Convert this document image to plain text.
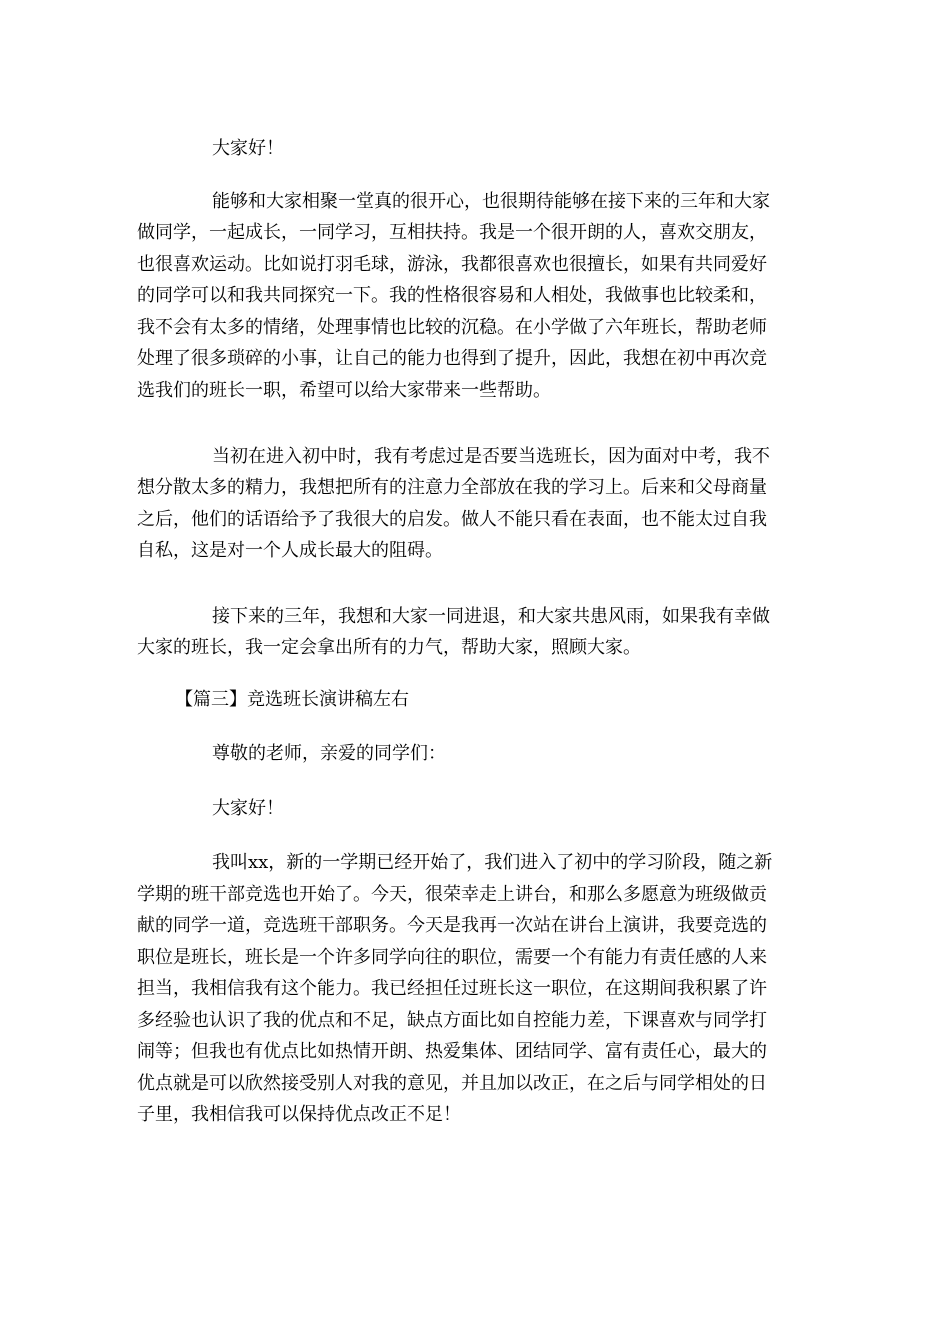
大家好！
能够和大家相聚一堂真的很开心，也很期待能够在接下来的三年和大家
做同学，一起成长，一同学习，互相扶持。我是一个很开朗的人，喜欢交朋友，
也很喜欢运动。比如说打羽毛球，游泳，我都很喜欢也很擅长，如果有共同爱好
的同学可以和我共同探究一下。我的性格很容易和人相处，我做事也比较柔和，
我不会有太多的情绪，处理事情也比较的沉稳。在小学做了六年班长，帮助老师
处理了很多琐碎的小事，让自己的能力也得到了提升，因此，我想在初中再次竞
选我们的班长一职，希望可以给大家带来一些帮助。
当初在进入初中时，我有考虑过是否要当选班长，因为面对中考，我不
想分散太多的精力，我想把所有的注意力全部放在我的学习上。后来和父母商量
之后，他们的话语给予了我很大的启发。做人不能只看在表面，也不能太过自我
自私，这是对一个人成长最大的阻碍。
接下来的三年，我想和大家一同进退，和大家共患风雨，如果我有幸做
大家的班长，我一定会拿出所有的力气，帮助大家，照顾大家。
【篇三】竞选班长演讲稿左右
尊敬的老师，亲爱的同学们：
大家好！
我叫xx，新的一学期已经开始了，我们进入了初中的学习阶段，随之新
学期的班干部竞选也开始了。今天，很荣幸走上讲台，和那么多愿意为班级做贡
献的同学一道，竞选班干部职务。今天是我再一次站在讲台上演讲，我要竞选的
职位是班长，班长是一个许多同学向往的职位，需要一个有能力有责任感的人来
担当，我相信我有这个能力。我已经担任过班长这一职位，在这期间我积累了许
多经验也认识了我的优点和不足，缺点方面比如自控能力差，下课喜欢与同学打
闹等；但我也有优点比如热情开朗、热爱集体、团结同学、富有责任心，最大的
优点就是可以欣然接受别人对我的意见，并且加以改正，在之后与同学相处的日
子里，我相信我可以保持优点改正不足！
